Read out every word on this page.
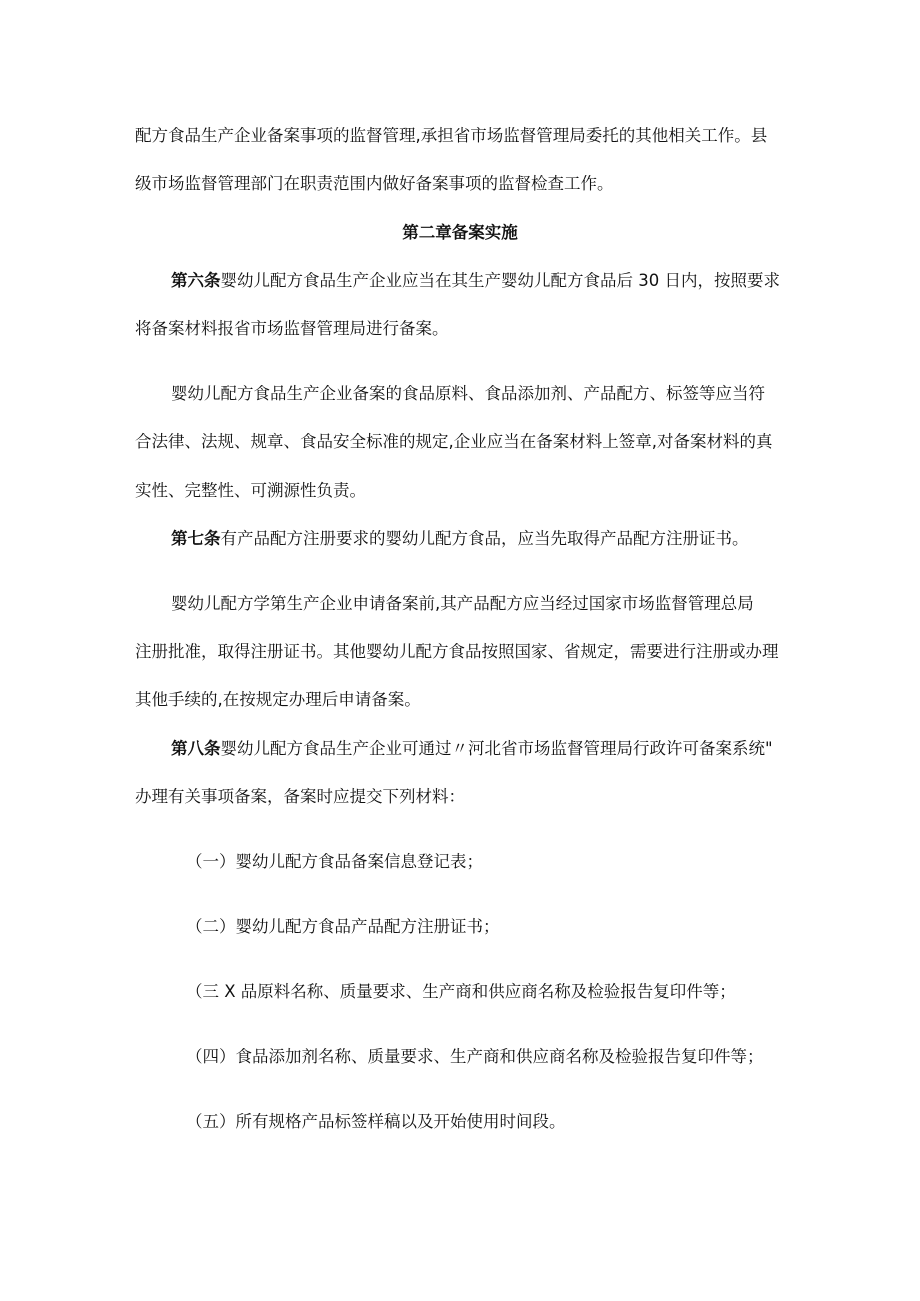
配方食品生产企业备案事项的监督管理,承担省市场监督管理局委托的其他相关工作。县
级市场监督管理部门在职责范围内做好备案事项的监督检查工作。
第二章备案实施
第六条婴幼儿配方食品生产企业应当在其生产婴幼儿配方食品后 30 日内，按照要求
将备案材料报省市场监督管理局进行备案。
婴幼儿配方食品生产企业备案的食品原料、食品添加剂、产品配方、标签等应当符
合法律、法规、规章、食品安全标准的规定,企业应当在备案材料上签章,对备案材料的真
实性、完整性、可溯源性负责。
第七条有产品配方注册要求的婴幼儿配方食品，应当先取得产品配方注册证书。
婴幼儿配方学第生产企业申请备案前,其产品配方应当经过国家市场监督管理总局
注册批准，取得注册证书。其他婴幼儿配方食品按照国家、省规定，需要进行注册或办理
其他手续的,在按规定办理后申请备案。
第八条婴幼儿配方食品生产企业可通过〃河北省市场监督管理局行政许可备案系统"
办理有关事项备案，备案时应提交下列材料：
（一）婴幼儿配方食品备案信息登记表；
（二）婴幼儿配方食品产品配方注册证书；
（三 X 品原料名称、质量要求、生产商和供应商名称及检验报告复印件等；
（四）食品添加剂名称、质量要求、生产商和供应商名称及检验报告复印件等；
（五）所有规格产品标签样稿以及开始使用时间段。
